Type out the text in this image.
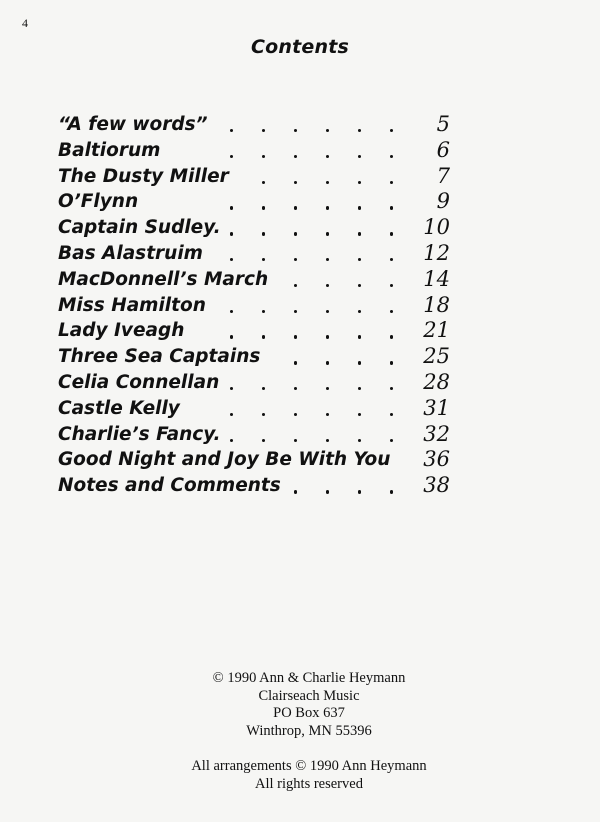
4
Contents
“A few words”	5
Baltiorum	6
The Dusty Miller	7
O’Flynn	9
Captain Sudley.	10
Bas Alastruim	12
MacDonnell’s March	14
Miss Hamilton	18
Lady Iveagh	21
Three Sea Captains	25
Celia Connellan	28
Castle Kelly	31
Charlie’s Fancy.	32
Good Night and Joy Be With You 36
Notes and Comments	38
© 1990 Ann & Charlie Heymann
Clairseach Music
PO Box 637
Winthrop, MN 55396
All arrangements © 1990 Ann Heymann
All rights reserved
